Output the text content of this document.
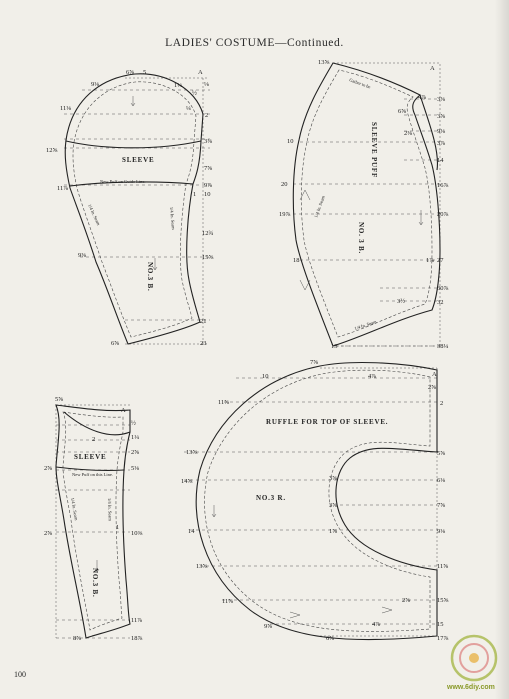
LADIES' COSTUME—Continued.
SLEEVE
New Puff on Guide Line.
NO.3 B.
1/4 In. Seam	1/4 In. Seam
9⅛
6⅝ 5
⅛
1¼
½
11⅛
2
¼
3⅜
12⅝
7⅝
9⅞
11⅞
10
1
12¾
9⅜	15⅝
21
6⅝	23
A
SLEEVE PUFF
NO. 3 B.
Gather to be
1/4 In. Seam
1/4 In. Seam
13⅝
A
4⅞ 3⅜
6⅝
3⅝
9⅛
10
2⅜
3⅞
14
20	16⅞
19⅞	20⅞
18	27
1⅞
30⅞
3½	32
13	38¼
SLEEVE
New Puff on this Line.
NO.3 B.
1/4 In. Seam	1/4 In. Seam
5⅝
A
½
1¼
2
2⅝
2⅝	5⅛
2⅝
1
10⅜
11⅞
8⅝	18⅞
RUFFLE FOR TOP OF SLEEVE.
NO.3 R.
7⅝
10	4⅞	A
11⅝
2⅝
2
13⅝	5⅝
14⅝	3⅝	6⅛
3⅝	7⅝
14	1⅝	9⅛
13⅝	11⅝
11⅝	2⅝	15⅝
9⅝
6⅝
4⅞	15
17⅞
100
www.6diy.com
